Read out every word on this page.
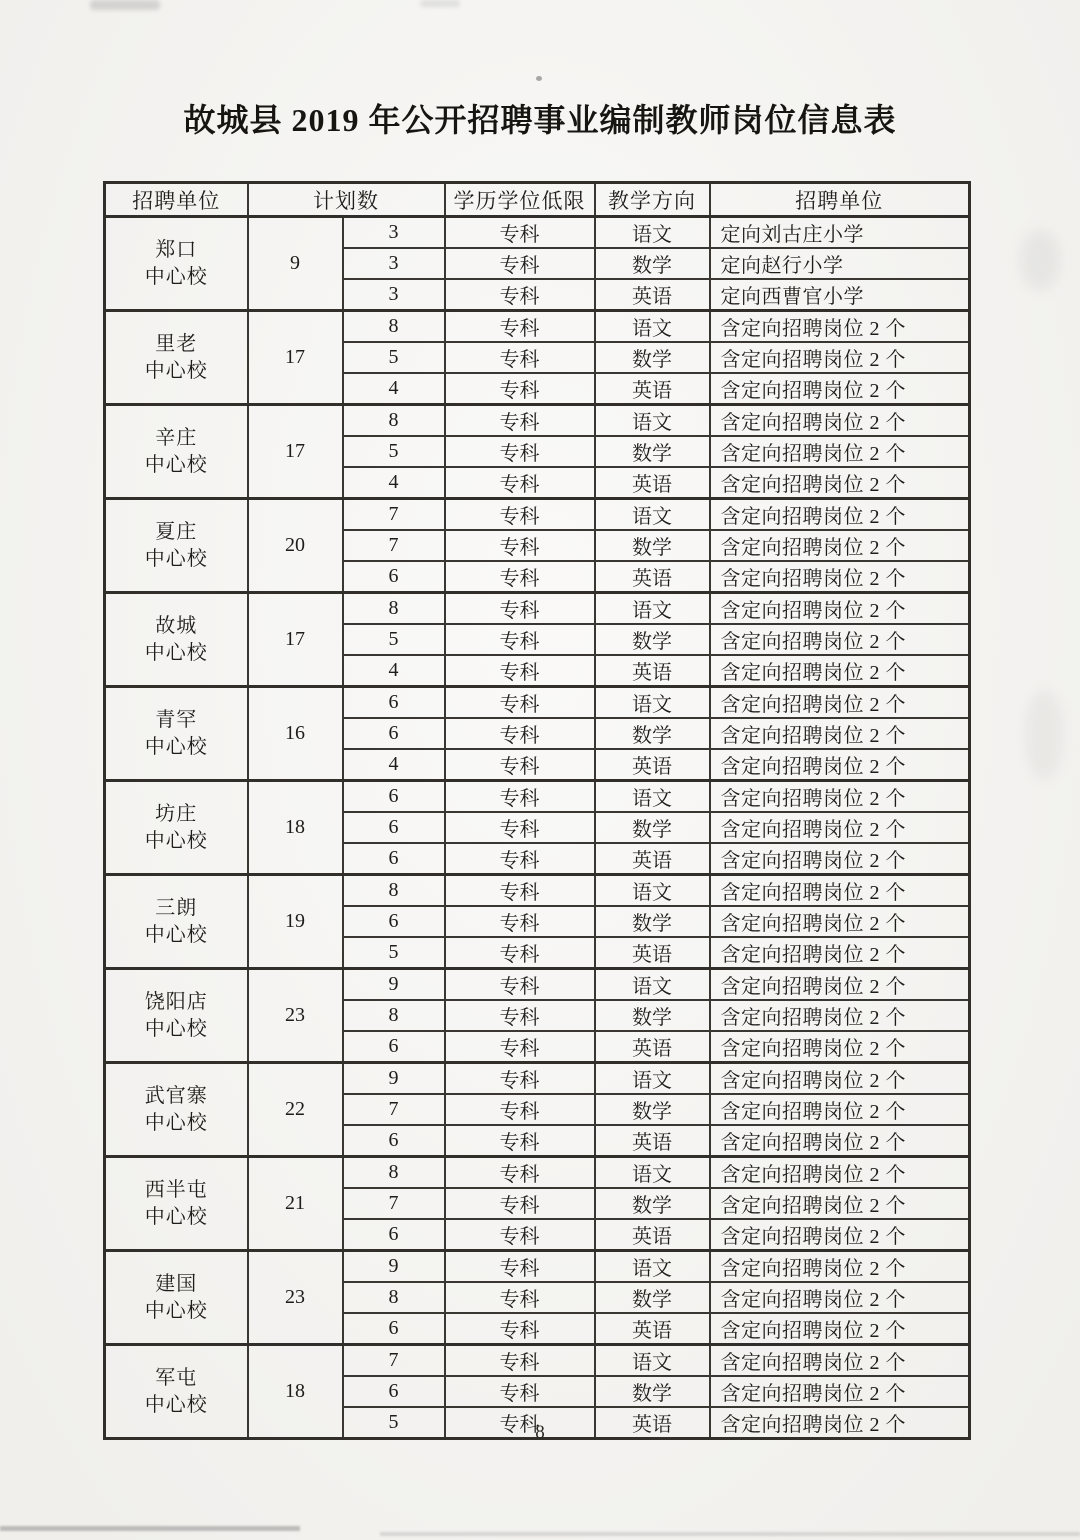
故城县 2019 年公开招聘事业编制教师岗位信息表
招聘单位	计划数		学历学位低限	教学方向	招聘单位

郑口
中心校	9	3	专科	语文	定向刘古庄小学
		3	专科	数学	定向赵行小学
		3	专科	英语	定向西曹官小学

里老
中心校	17	8	专科	语文	含定向招聘岗位 2 个
		5	专科	数学	含定向招聘岗位 2 个
		4	专科	英语	含定向招聘岗位 2 个

辛庄
中心校	17	8	专科	语文	含定向招聘岗位 2 个
		5	专科	数学	含定向招聘岗位 2 个
		4	专科	英语	含定向招聘岗位 2 个

夏庄
中心校	20	7	专科	语文	含定向招聘岗位 2 个
		7	专科	数学	含定向招聘岗位 2 个
		6	专科	英语	含定向招聘岗位 2 个

故城
中心校	17	8	专科	语文	含定向招聘岗位 2 个
		5	专科	数学	含定向招聘岗位 2 个
		4	专科	英语	含定向招聘岗位 2 个

青罕
中心校	16	6	专科	语文	含定向招聘岗位 2 个
		6	专科	数学	含定向招聘岗位 2 个
		4	专科	英语	含定向招聘岗位 2 个

坊庄
中心校	18	6	专科	语文	含定向招聘岗位 2 个
		6	专科	数学	含定向招聘岗位 2 个
		6	专科	英语	含定向招聘岗位 2 个

三朗
中心校	19	8	专科	语文	含定向招聘岗位 2 个
		6	专科	数学	含定向招聘岗位 2 个
		5	专科	英语	含定向招聘岗位 2 个

饶阳店
中心校	23	9	专科	语文	含定向招聘岗位 2 个
		8	专科	数学	含定向招聘岗位 2 个
		6	专科	英语	含定向招聘岗位 2 个

武官寨
中心校	22	9	专科	语文	含定向招聘岗位 2 个
		7	专科	数学	含定向招聘岗位 2 个
		6	专科	英语	含定向招聘岗位 2 个

西半屯
中心校	21	8	专科	语文	含定向招聘岗位 2 个
		7	专科	数学	含定向招聘岗位 2 个
		6	专科	英语	含定向招聘岗位 2 个

建国
中心校	23	9	专科	语文	含定向招聘岗位 2 个
		8	专科	数学	含定向招聘岗位 2 个
		6	专科	英语	含定向招聘岗位 2 个

军屯
中心校	18	7	专科	语文	含定向招聘岗位 2 个
		6	专科	数学	含定向招聘岗位 2 个
		5	专科	英语	含定向招聘岗位 2 个
8
